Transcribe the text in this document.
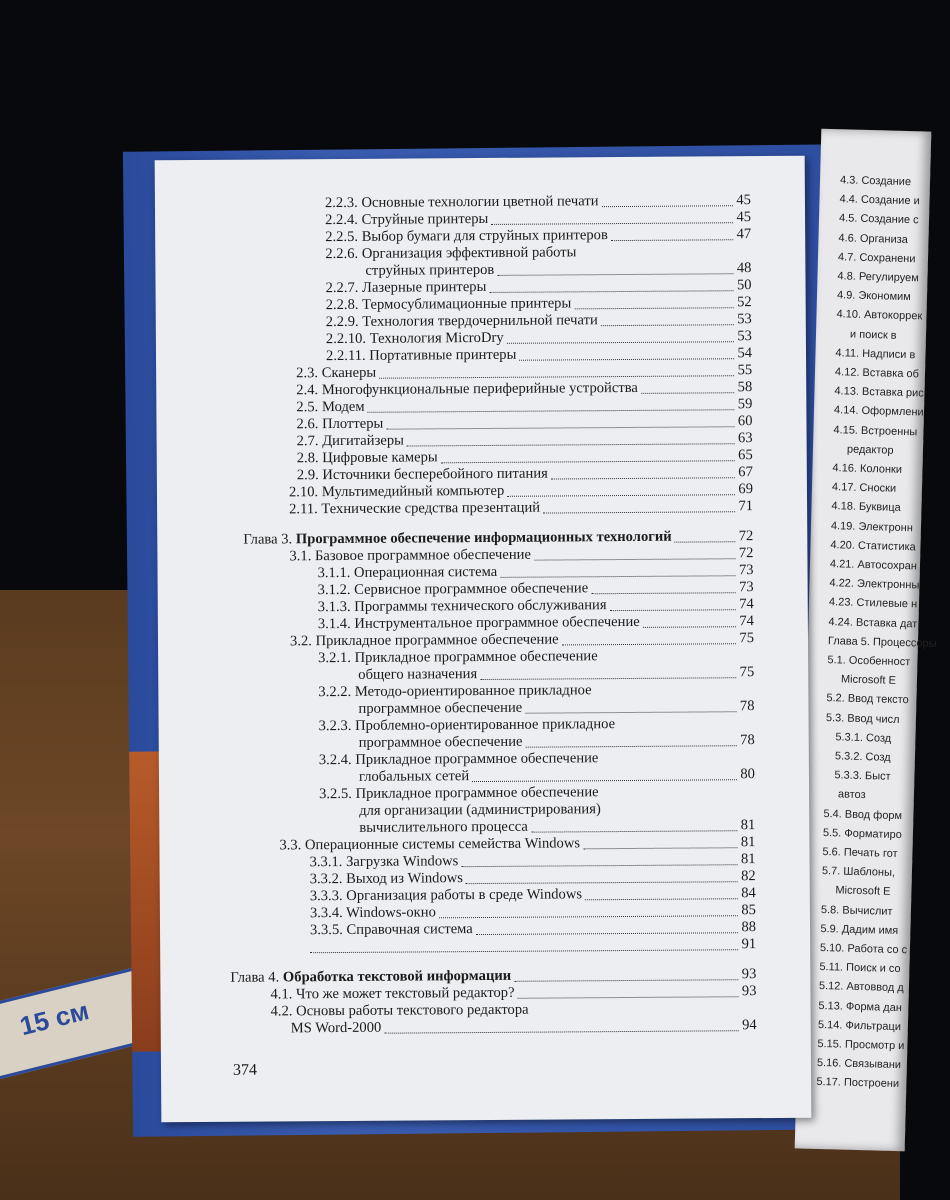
15 см
4.3. Создание
4.4. Создание и
4.5. Создание с
4.6. Организа
4.7. Сохранени
4.8. Регулируем
4.9. Экономим
4.10. Автокоррек
и поиск в
4.11. Надписи в
4.12. Вставка об
4.13. Вставка рис
4.14. Оформлени
4.15. Встроенны
редактор
4.16. Колонки
4.17. Сноски
4.18. Буквица
4.19. Электронн
4.20. Статистика
4.21. Автосохран
4.22. Электронны
4.23. Стилевые н
4.24. Вставка дат
Глава 5. Процессоры
5.1. Особенност
Microsoft E
5.2. Ввод тексто
5.3. Ввод числ
5.3.1. Созд
5.3.2. Созд
5.3.3. Быст
автоз
5.4. Ввод форм
5.5. Форматиро
5.6. Печать гот
5.7. Шаблоны,
Microsoft E
5.8. Вычислит
5.9. Дадим имя
5.10. Работа со с
5.11. Поиск и со
5.12. Автоввод д
5.13. Форма дан
5.14. Фильтраци
5.15. Просмотр и
5.16. Связывани
5.17. Построени
2.2.3. Основные технологии цветной печати	45
2.2.4. Струйные принтеры	45
2.2.5. Выбор бумаги для струйных принтеров	47
2.2.6. Организация эффективной работы
струйных принтеров	48
2.2.7. Лазерные принтеры	50
2.2.8. Термосублимационные принтеры	52
2.2.9. Технология твердочернильной печати	53
2.2.10. Технология MicroDry	53
2.2.11. Портативные принтеры	54
2.3. Сканеры	55
2.4. Многофункциональные периферийные устройства	58
2.5. Модем	59
2.6. Плоттеры	60
2.7. Дигитайзеры	63
2.8. Цифровые камеры	65
2.9. Источники бесперебойного питания	67
2.10. Мультимедийный компьютер	69
2.11. Технические средства презентаций	71
Глава 3. Программное обеспечение информационных технологий	72
3.1. Базовое программное обеспечение	72
3.1.1. Операционная система	73
3.1.2. Сервисное программное обеспечение	73
3.1.3. Программы технического обслуживания	74
3.1.4. Инструментальное программное обеспечение	74
3.2. Прикладное программное обеспечение	75
3.2.1. Прикладное программное обеспечение
общего назначения	75
3.2.2. Методо-ориентированное прикладное
программное обеспечение	78
3.2.3. Проблемно-ориентированное прикладное
программное обеспечение	78
3.2.4. Прикладное программное обеспечение
глобальных сетей	80
3.2.5. Прикладное программное обеспечение
для организации (администрирования)
вычислительного процесса	81
3.3. Операционные системы семейства Windows	81
3.3.1. Загрузка Windows	81
3.3.2. Выход из Windows	82
3.3.3. Организация работы в среде Windows	84
3.3.4. Windows-окно	85
3.3.5. Справочная система	88
91
Глава 4. Обработка текстовой информации	93
4.1. Что же может текстовый редактор?	93
4.2. Основы работы текстового редактора
MS Word-2000	94
374
